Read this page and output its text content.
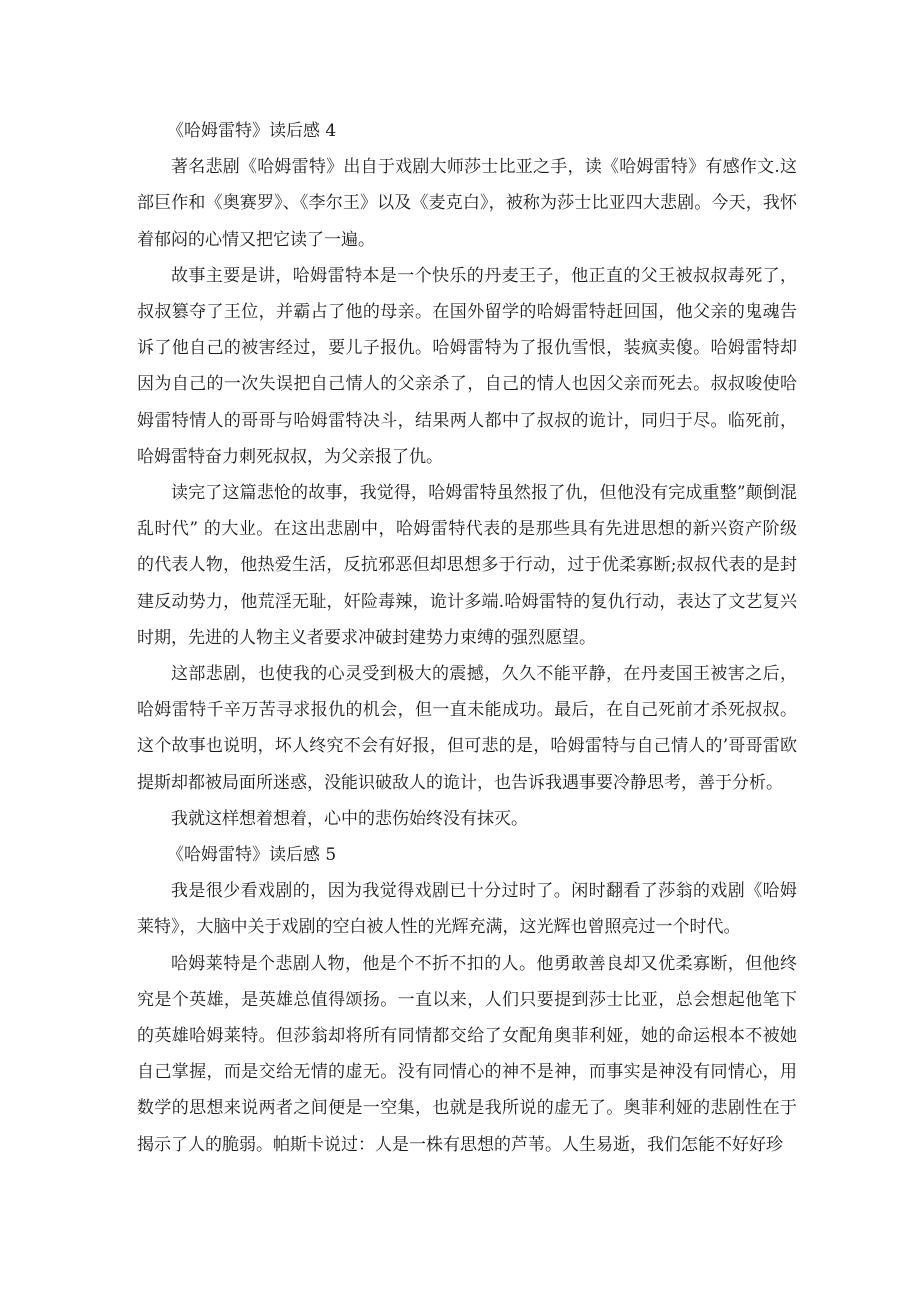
《哈姆雷特》读后感 4

著名悲剧《哈姆雷特》出自于戏剧大师莎士比亚之手，读《哈姆雷特》有感作文.这部巨作和《奥赛罗》、《李尔王》以及《麦克白》，被称为莎士比亚四大悲剧。今天，我怀着郁闷的心情又把它读了一遍。

故事主要是讲，哈姆雷特本是一个快乐的丹麦王子，他正直的父王被叔叔毒死了，叔叔篡夺了王位，并霸占了他的母亲。在国外留学的哈姆雷特赶回国，他父亲的鬼魂告诉了他自己的被害经过，要儿子报仇。哈姆雷特为了报仇雪恨，装疯卖傻。哈姆雷特却因为自己的一次失误把自己情人的父亲杀了，自己的情人也因父亲而死去。叔叔唆使哈姆雷特情人的哥哥与哈姆雷特决斗，结果两人都中了叔叔的诡计，同归于尽。临死前，哈姆雷特奋力刺死叔叔，为父亲报了仇。

读完了这篇悲怆的故事，我觉得，哈姆雷特虽然报了仇，但他没有完成重整”颠倒混乱时代” 的大业。在这出悲剧中，哈姆雷特代表的是那些具有先进思想的新兴资产阶级的代表人物，他热爱生活，反抗邪恶但却思想多于行动，过于优柔寡断;叔叔代表的是封建反动势力，他荒淫无耻，奸险毒辣，诡计多端.哈姆雷特的复仇行动，表达了文艺复兴时期，先进的人物主义者要求冲破封建势力束缚的强烈愿望。

这部悲剧，也使我的心灵受到极大的震撼，久久不能平静，在丹麦国王被害之后，哈姆雷特千辛万苦寻求报仇的机会，但一直未能成功。最后，在自己死前才杀死叔叔。这个故事也说明，坏人终究不会有好报，但可悲的是，哈姆雷特与自己情人的’哥哥雷欧提斯却都被局面所迷惑，没能识破敌人的诡计，也告诉我遇事要冷静思考，善于分析。

我就这样想着想着，心中的悲伤始终没有抹灭。

《哈姆雷特》读后感 5

我是很少看戏剧的，因为我觉得戏剧已十分过时了。闲时翻看了莎翁的戏剧《哈姆莱特》，大脑中关于戏剧的空白被人性的光辉充满，这光辉也曾照亮过一个时代。

哈姆莱特是个悲剧人物，他是个不折不扣的人。他勇敢善良却又优柔寡断，但他终究是个英雄，是英雄总值得颂扬。一直以来，人们只要提到莎士比亚，总会想起他笔下的英雄哈姆莱特。但莎翁却将所有同情都交给了女配角奥菲利娅，她的命运根本不被她自己掌握，而是交给无情的虚无。没有同情心的神不是神，而事实是神没有同情心，用数学的思想来说两者之间便是一空集，也就是我所说的虚无了。奥菲利娅的悲剧性在于揭示了人的脆弱。帕斯卡说过：人是一株有思想的芦苇。人生易逝，我们怎能不好好珍
